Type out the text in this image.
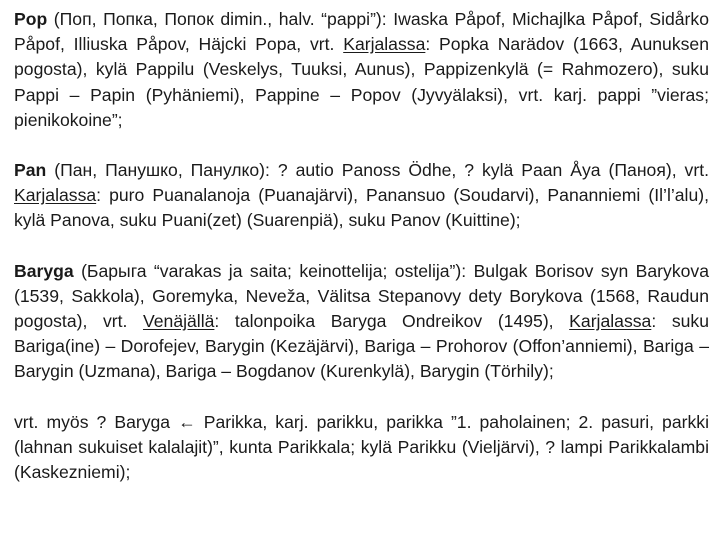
Pop (Поп, Попка, Попок dimin., halv. “pappi”): Iwaska Påpof, Michajlka Påpof, Sidårko Påpof, Illiuska Påpov, Häjcki Popa, vrt. Karjalassa: Popka Narädov (1663, Aunuksen pogosta), kylä Pappilu (Veskelys, Tuuksi, Aunus), Pappizenkylä (= Rahmozero), suku Pappi – Papin (Pyhäniemi), Pappine – Popov (Jyvyälaksi), vrt. karj. pappi ”vieras; pienikokoine”;

Pan (Пан, Панушко, Панулко): ? autio Panoss Ödhe, ? kylä Paan Åya (Паноя), vrt. Karjalassa: puro Puanalanoja (Puanajärvi), Panansuo (Soudarvi), Pananniemi (Il’l’alu), kylä Panova, suku Puani(zet) (Suarenpiä), suku Panov (Kuittine);

Baryga (Барыга “varakas ja saita; keinottelija; ostelija”): Bulgak Borisov syn Barykova (1539, Sakkola), Goremyka, Neveža, Välitsa Stepanovy dety Borykova (1568, Raudun pogosta), vrt. Venäjällä: talonpoika Baryga Ondreikov (1495), Karjalassa: suku Bariga(ine) – Dorofejev, Barygin (Kezäjärvi), Bariga – Prohorov (Offon’anniemi), Bariga – Barygin (Uzmana), Bariga – Bogdanov (Kurenkylä), Barygin (Törhily);

vrt. myös ? Baryga ← Parikka, karj. parikku, parikka ”1. paholainen; 2. pasuri, parkki (lahnan sukuiset kalalajit)”, kunta Parikkala; kylä Parikku (Vieljärvi), ? lampi Parikkalambi (Kaskezniemi);
